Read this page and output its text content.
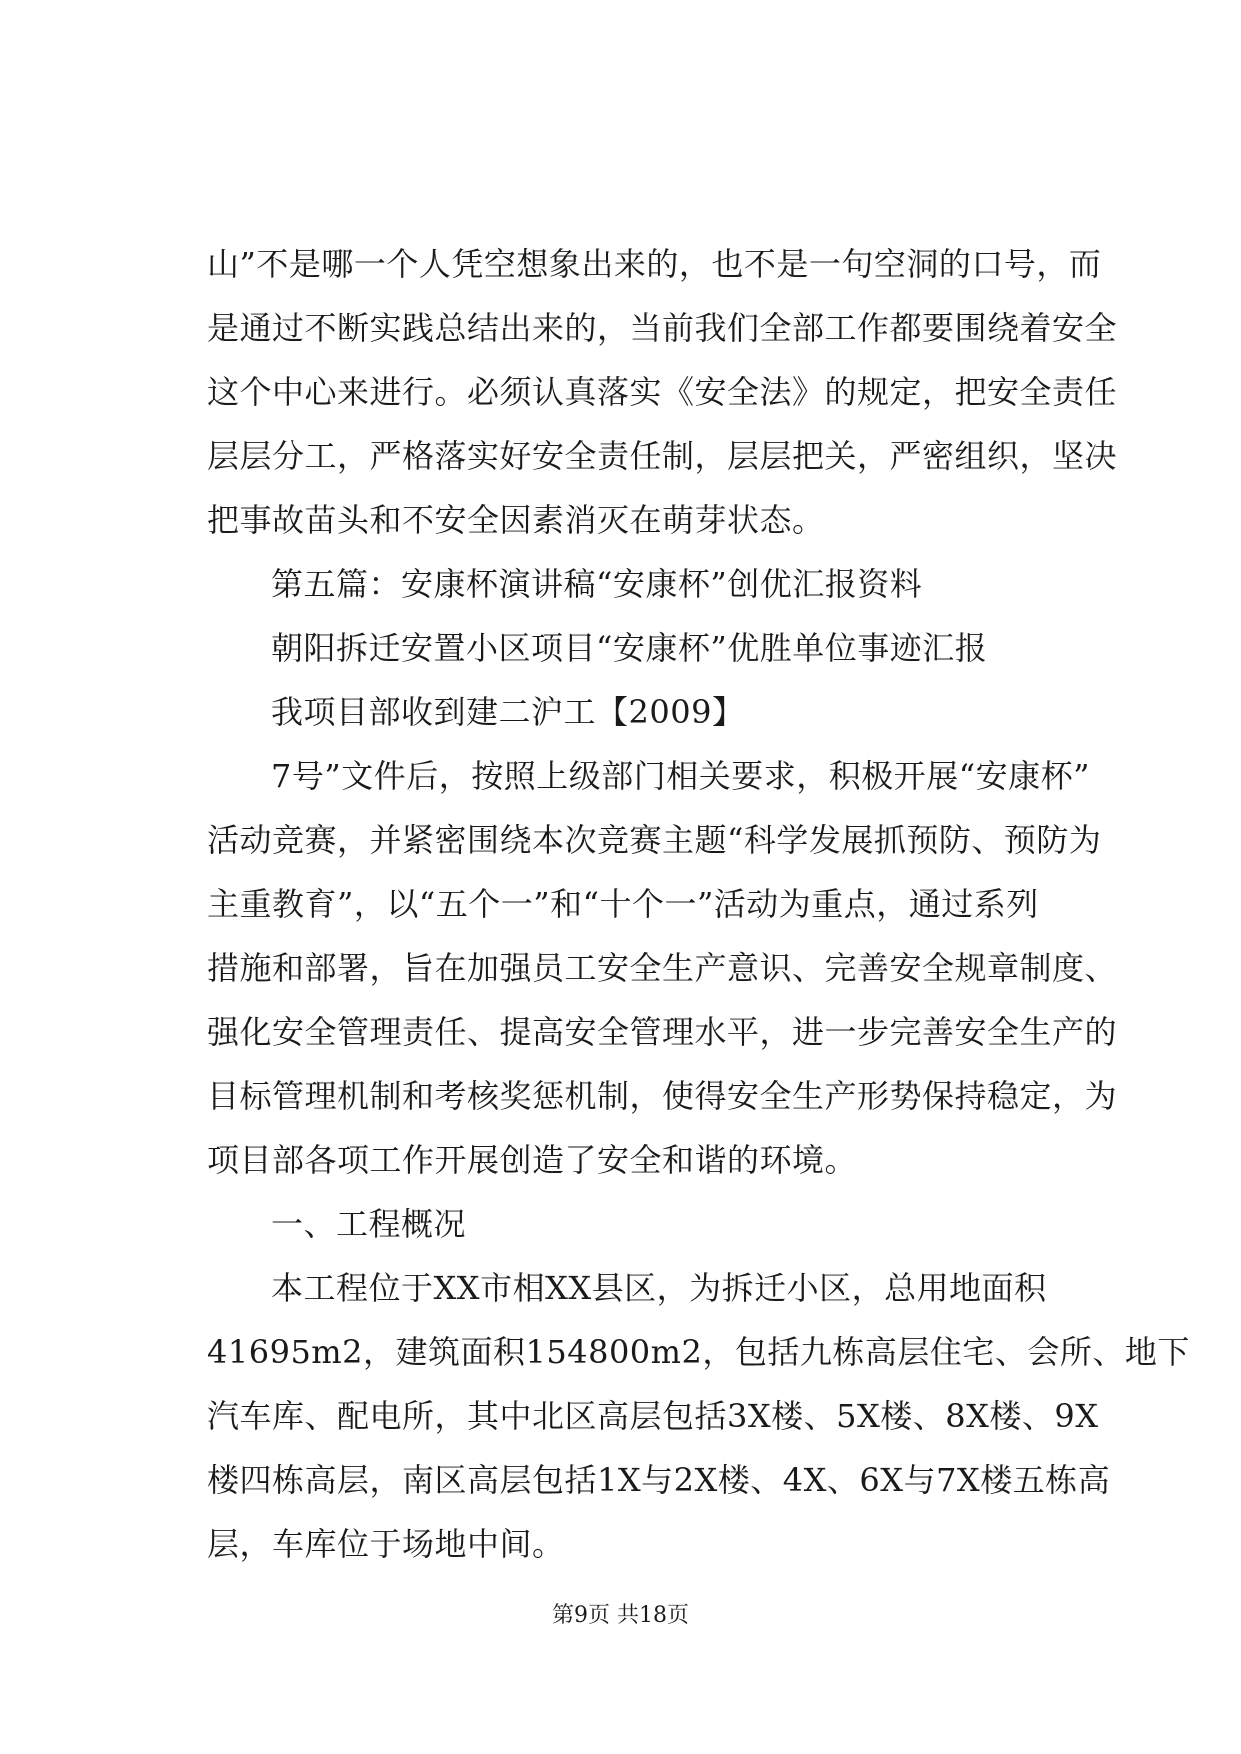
山”不是哪一个人凭空想象出来的，也不是一句空洞的口号，而
是通过不断实践总结出来的，当前我们全部工作都要围绕着安全
这个中心来进行。必须认真落实《安全法》的规定，把安全责任
层层分工，严格落实好安全责任制，层层把关，严密组织，坚决
把事故苗头和不安全因素消灭在萌芽状态。
第五篇：安康杯演讲稿“安康杯”创优汇报资料
朝阳拆迁安置小区项目“安康杯”优胜单位事迹汇报
我项目部收到建二沪工【2009】
7号”文件后，按照上级部门相关要求，积极开展“安康杯”
活动竞赛，并紧密围绕本次竞赛主题“科学发展抓预防、预防为
主重教育”，以“五个一”和“十个一”活动为重点，通过系列
措施和部署，旨在加强员工安全生产意识、完善安全规章制度、
强化安全管理责任、提高安全管理水平，进一步完善安全生产的
目标管理机制和考核奖惩机制，使得安全生产形势保持稳定，为
项目部各项工作开展创造了安全和谐的环境。
一、工程概况
本工程位于XX市相XX县区，为拆迁小区，总用地面积
41695m2，建筑面积154800m2，包括九栋高层住宅、会所、地下
汽车库、配电所，其中北区高层包括3X楼、5X楼、8X楼、9X
楼四栋高层，南区高层包括1X与2X楼、4X、6X与7X楼五栋高
层，车库位于场地中间。
第9页 共18页
